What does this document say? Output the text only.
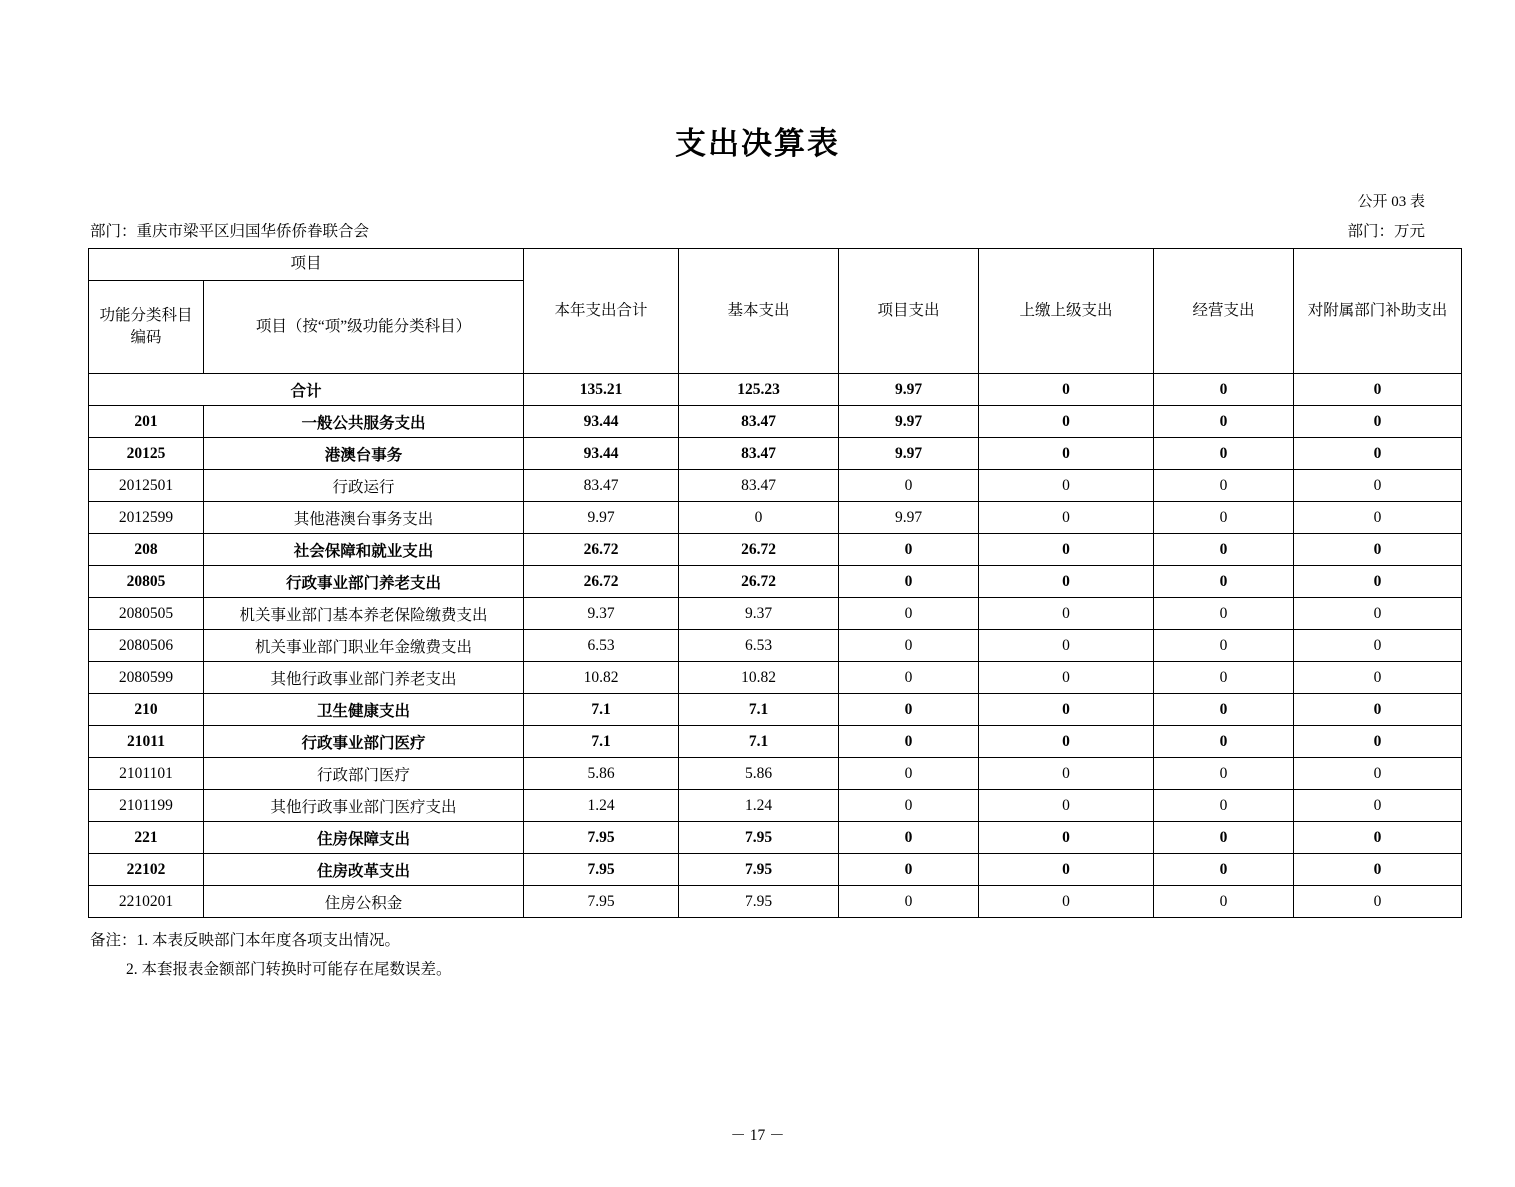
支出决算表
公开 03 表
部门：重庆市梁平区归国华侨侨眷联合会	部门：万元
项目		本年支出合计	基本支出	项目支出	上缴上级支出	经营支出	对附属部门补助支出
功能分类科目
编码	项目（按“项”级功能分类科目）						
合计		135.21	125.23	9.97	0	0	0
201	一般公共服务支出	93.44	83.47	9.97	0	0	0
20125	港澳台事务	93.44	83.47	9.97	0	0	0
2012501	行政运行	83.47	83.47	0	0	0	0
2012599	其他港澳台事务支出	9.97	0	9.97	0	0	0
208	社会保障和就业支出	26.72	26.72	0	0	0	0
20805	行政事业部门养老支出	26.72	26.72	0	0	0	0
2080505	机关事业部门基本养老保险缴费支出	9.37	9.37	0	0	0	0
2080506	机关事业部门职业年金缴费支出	6.53	6.53	0	0	0	0
2080599	其他行政事业部门养老支出	10.82	10.82	0	0	0	0
210	卫生健康支出	7.1	7.1	0	0	0	0
21011	行政事业部门医疗	7.1	7.1	0	0	0	0
2101101	行政部门医疗	5.86	5.86	0	0	0	0
2101199	其他行政事业部门医疗支出	1.24	1.24	0	0	0	0
221	住房保障支出	7.95	7.95	0	0	0	0
22102	住房改革支出	7.95	7.95	0	0	0	0
2210201	住房公积金	7.95	7.95	0	0	0	0
备注：1. 本表反映部门本年度各项支出情况。
2. 本套报表金额部门转换时可能存在尾数误差。
－ 17 －
